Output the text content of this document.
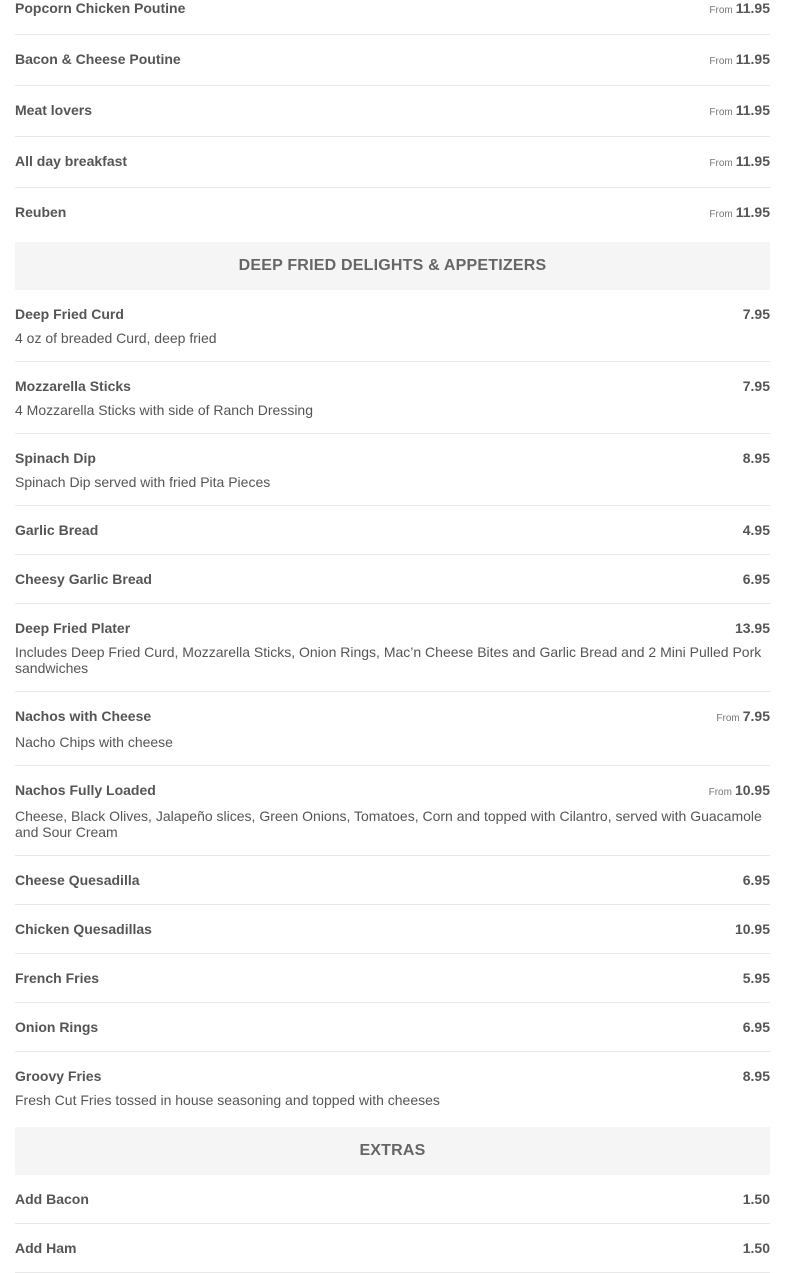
Popcorn Chicken Poutine	From 11.95
Bacon & Cheese Poutine	From 11.95
Meat lovers	From 11.95
All day breakfast	From 11.95
Reuben	From 11.95
DEEP FRIED DELIGHTS & APPETIZERS
Deep Fried Curd	7.95
4 oz of breaded Curd, deep fried
Mozzarella Sticks	7.95
4 Mozzarella Sticks with side of Ranch Dressing
Spinach Dip	8.95
Spinach Dip served with fried Pita Pieces
Garlic Bread	4.95
Cheesy Garlic Bread	6.95
Deep Fried Plater	13.95
Includes Deep Fried Curd, Mozzarella Sticks, Onion Rings, Mac’n Cheese Bites and Garlic Bread and 2 Mini Pulled Pork sandwiches
Nachos with Cheese	From 7.95
Nacho Chips with cheese
Nachos Fully Loaded	From 10.95
Cheese, Black Olives, Jalapeño slices, Green Onions, Tomatoes, Corn and topped with Cilantro, served with Guacamole and Sour Cream
Cheese Quesadilla	6.95
Chicken Quesadillas	10.95
French Fries	5.95
Onion Rings	6.95
Groovy Fries	8.95
Fresh Cut Fries tossed in house seasoning and topped with cheeses
EXTRAS
Add Bacon	1.50
Add Ham	1.50
